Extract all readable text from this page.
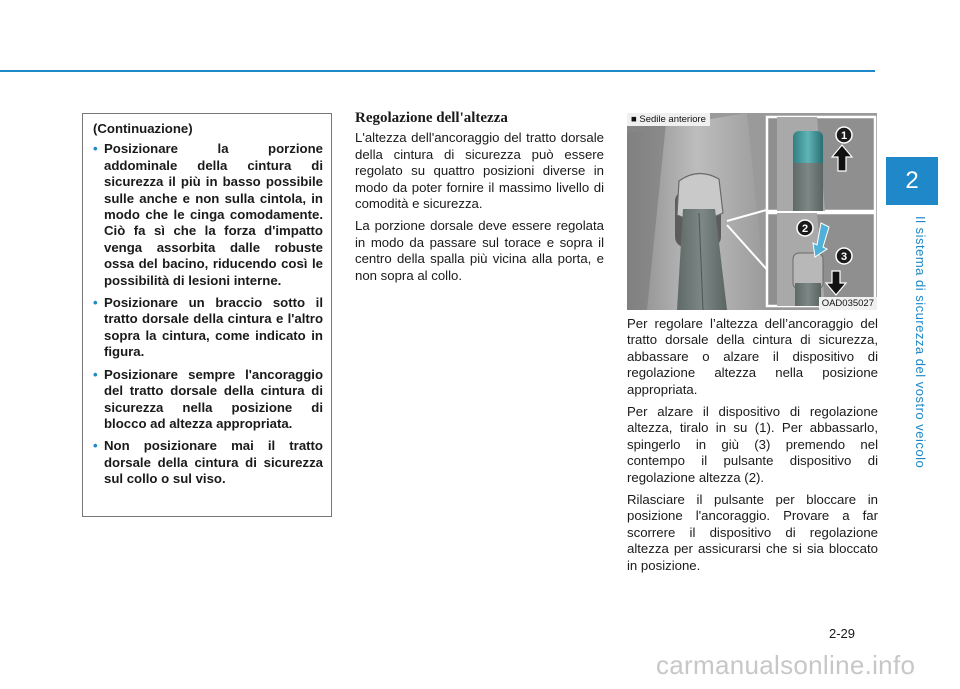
2
Il sistema di sicurezza del vostro veicolo
(Continuazione)
• Posizionare la porzione addominale della cintura di sicurezza il più in basso possibile sulle anche e non sulla cintola, in modo che le cinga comodamente. Ciò fa sì che la forza d'impatto venga assorbita dalle robuste ossa del bacino, riducendo così le possibilità di lesioni interne.
• Posizionare un braccio sotto il tratto dorsale della cintura e l'altro sopra la cintura, come indicato in figura.
• Posizionare sempre l'ancoraggio del tratto dorsale della cintura di sicurezza nella posizione di blocco ad altezza appropriata.
• Non posizionare mai il tratto dorsale della cintura di sicurezza sul collo o sul viso.
Regolazione dell'altezza

L'altezza dell'ancoraggio del tratto dorsale della cintura di sicurezza può essere regolato su quattro posizioni diverse in modo da poter fornire il massimo livello di comodità e sicurezza.

La porzione dorsale deve essere regolata in modo da passare sul torace e sopra il centro della spalla più vicina alla porta, e non sopra al collo.

1
2
3
■ Sedile anteriore
OAD035027

Per regolare l’altezza dell’ancoraggio del tratto dorsale della cintura di sicurezza, abbassare o alzare il dispositivo di regolazione altezza nella posizione appropriata.

Per alzare il dispositivo di regolazione altezza, tiralo in su (1). Per abbassarlo, spingerlo in giù (3) premendo nel contempo il pulsante dispositivo di regolazione altezza (2).

Rilasciare il pulsante per bloccare in posizione l'ancoraggio. Provare a far scorrere il dispositivo di regolazione altezza per assicurarsi che si sia bloccato in posizione.

2-29
carmanualsonline.info
